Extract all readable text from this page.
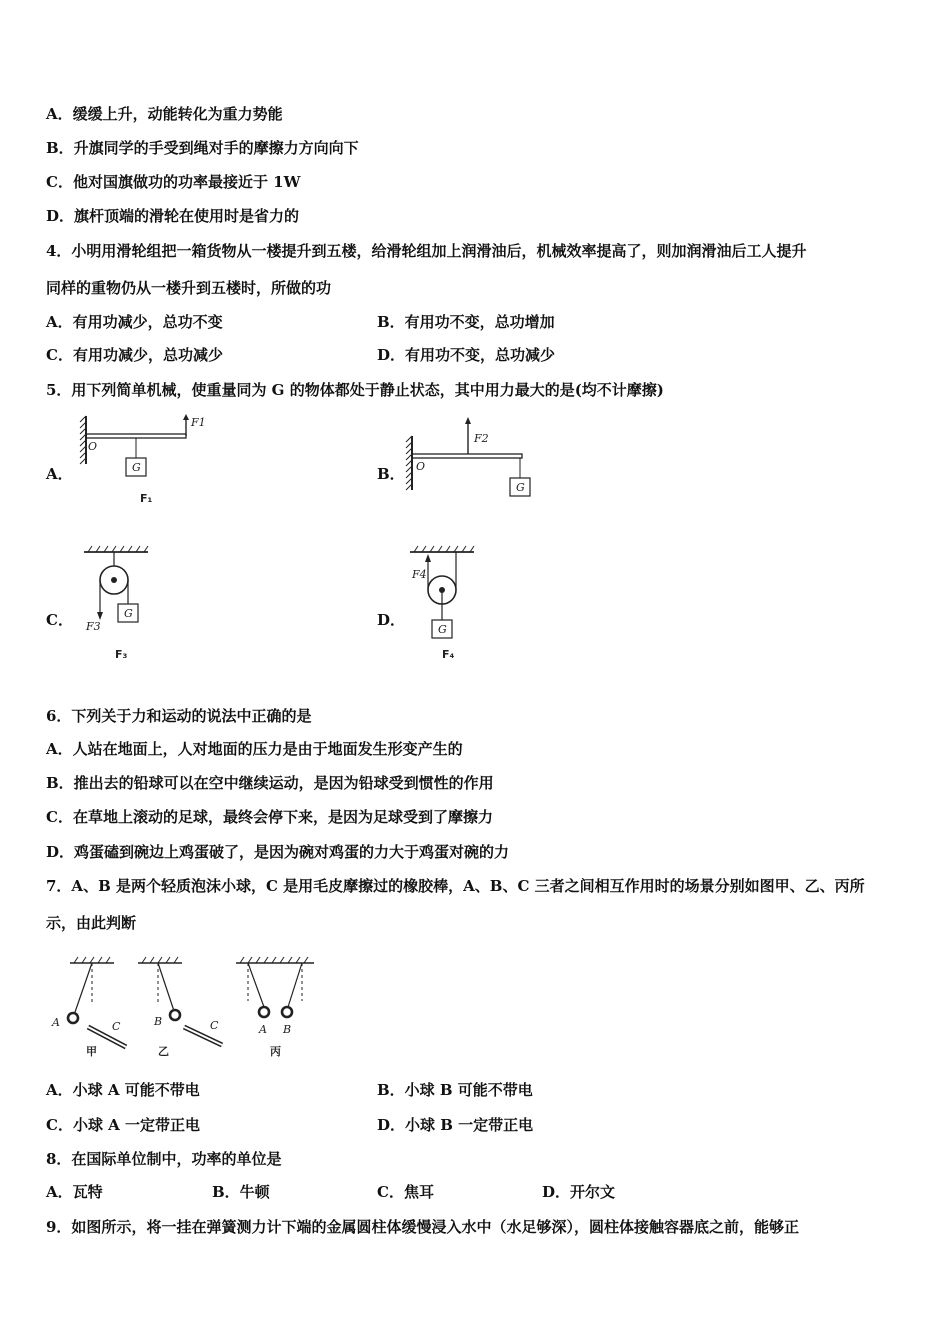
A．缓缓上升，动能转化为重力势能
B．升旗同学的手受到绳对手的摩擦力方向向下
C．他对国旗做功的功率最接近于 1W
D．旗杆顶端的滑轮在使用时是省力的
4．小明用滑轮组把一箱货物从一楼提升到五楼，给滑轮组加上润滑油后，机械效率提高了，则加润滑油后工人提升
同样的重物仍从一楼升到五楼时，所做的功
A．有用功减少，总功不变	B．有用功不变，总功增加
C．有用功减少，总功减少	D．有用功不变，总功减少
5．用下列简单机械，使重量同为 G 的物体都处于静止状态，其中用力最大的是(均不计摩擦)
A．
F1
O
G
F₁
B．
F2
O
G
C． F3
G
F₃
D．
F4
G
F₄
6．下列关于力和运动的说法中正确的是
A．人站在地面上，人对地面的压力是由于地面发生形变产生的
B．推出去的铅球可以在空中继续运动，是因为铅球受到惯性的作用
C．在草地上滚动的足球，最终会停下来，是因为足球受到了摩擦力
D．鸡蛋磕到碗边上鸡蛋破了，是因为碗对鸡蛋的力大于鸡蛋对碗的力
7．A、B 是两个轻质泡沫小球，C 是用毛皮摩擦过的橡胶棒，A、B、C 三者之间相互作用时的场景分别如图甲、乙、丙所
示，由此判断
A	C
甲
B	C
乙
A B
丙
A．小球 A 可能不带电	B．小球 B 可能不带电
C．小球 A 一定带正电	D．小球 B 一定带正电
8．在国际单位制中，功率的单位是
A．瓦特	B．牛顿	C．焦耳	D．开尔文
9．如图所示，将一挂在弹簧测力计下端的金属圆柱体缓慢浸入水中（水足够深），圆柱体接触容器底之前，能够正
